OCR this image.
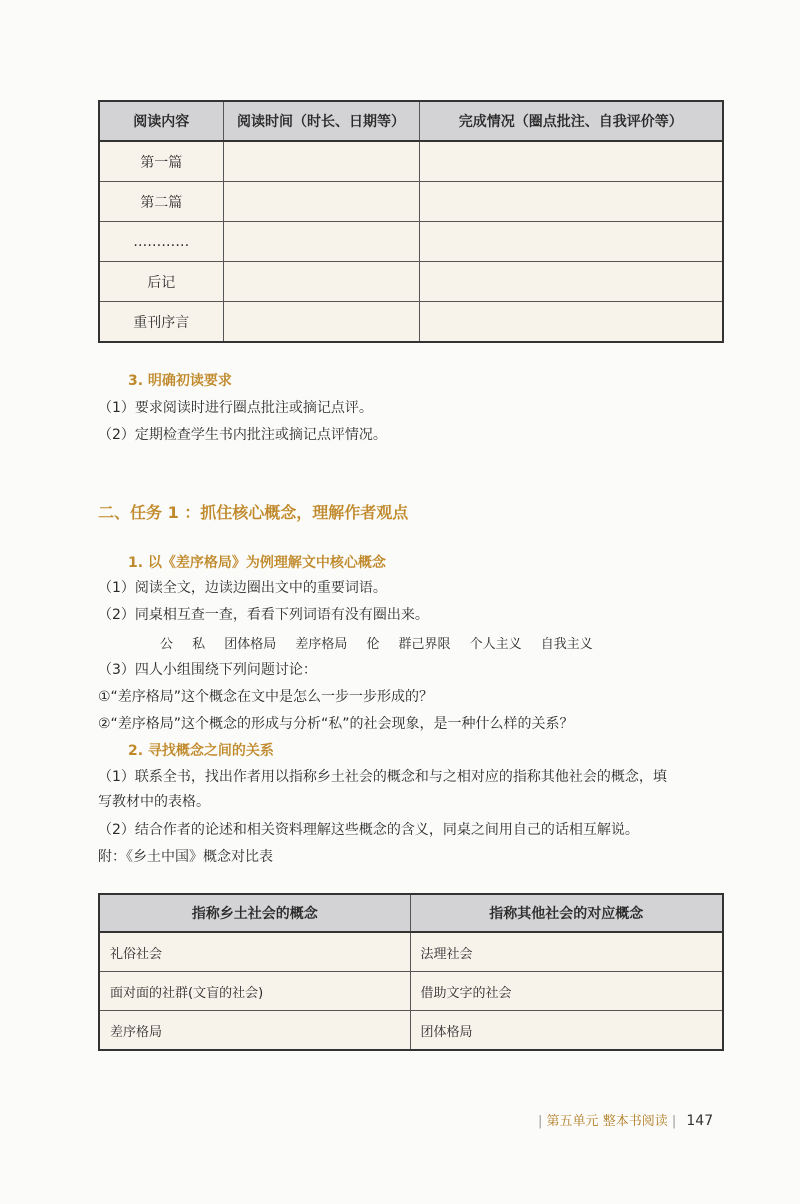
阅读内容	阅读时间（时长、日期等）	完成情况（圈点批注、自我评价等）
第一篇		
第二篇		
…………		
后记		
重刊序言		
3. 明确初读要求
（1）要求阅读时进行圈点批注或摘记点评。
（2）定期检查学生书内批注或摘记点评情况。
二、任务 1 ：抓住核心概念，理解作者观点
1. 以《差序格局》为例理解文中核心概念
（1）阅读全文，边读边圈出文中的重要词语。
（2）同桌相互查一查，看看下列词语有没有圈出来。
公 私 团体格局 差序格局 伦 群己界限 个人主义 自我主义
（3）四人小组围绕下列问题讨论：
①“差序格局”这个概念在文中是怎么一步一步形成的？
②“差序格局”这个概念的形成与分析“私”的社会现象，是一种什么样的关系？
2. 寻找概念之间的关系
（1）联系全书，找出作者用以指称乡土社会的概念和与之相对应的指称其他社会的概念，填
写教材中的表格。
（2）结合作者的论述和相关资料理解这些概念的含义，同桌之间用自己的话相互解说。
附：《乡土中国》概念对比表
指称乡土社会的概念	指称其他社会的对应概念
礼俗社会	法理社会
面对面的社群(文盲的社会)	借助文字的社会
差序格局	团体格局
| 第五单元 整本书阅读 | 147
